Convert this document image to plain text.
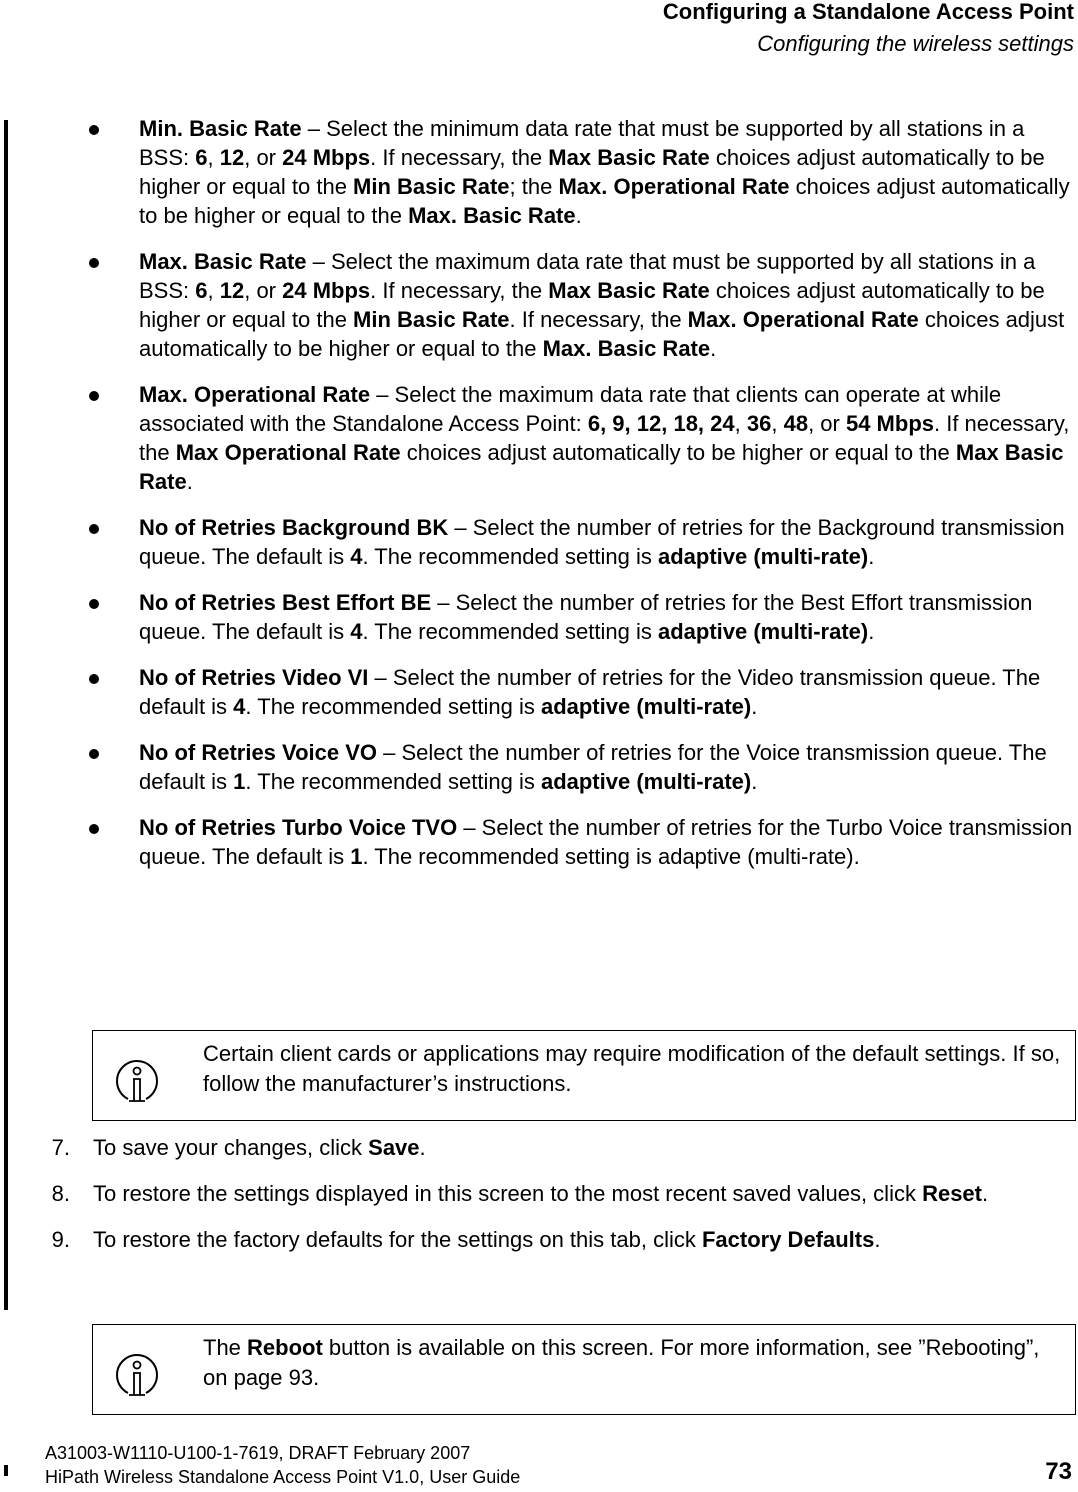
Configuring a Standalone Access Point
Configuring the wireless settings
Min. Basic Rate – Select the minimum data rate that must be supported by all stations in a BSS: 6, 12, or 24 Mbps. If necessary, the Max Basic Rate choices adjust automatically to be higher or equal to the Min Basic Rate; the Max. Operational Rate choices adjust automatically to be higher or equal to the Max. Basic Rate.
Max. Basic Rate – Select the maximum data rate that must be supported by all stations in a BSS: 6, 12, or 24 Mbps. If necessary, the Max Basic Rate choices adjust automatically to be higher or equal to the Min Basic Rate. If necessary, the Max. Operational Rate choices adjust automatically to be higher or equal to the Max. Basic Rate.
Max. Operational Rate – Select the maximum data rate that clients can operate at while associated with the Standalone Access Point: 6, 9, 12, 18, 24, 36, 48, or 54 Mbps. If necessary, the Max Operational Rate choices adjust automatically to be higher or equal to the Max Basic Rate.
No of Retries Background BK – Select the number of retries for the Background transmission queue. The default is 4. The recommended setting is adaptive (multi-rate).
No of Retries Best Effort BE – Select the number of retries for the Best Effort transmission queue. The default is 4. The recommended setting is adaptive (multi-rate).
No of Retries Video VI – Select the number of retries for the Video transmission queue. The default is 4. The recommended setting is adaptive (multi-rate).
No of Retries Voice VO – Select the number of retries for the Voice transmission queue. The default is 1. The recommended setting is adaptive (multi-rate).
No of Retries Turbo Voice TVO – Select the number of retries for the Turbo Voice transmission queue. The default is 1. The recommended setting is adaptive (multi-rate).
Certain client cards or applications may require modification of the default settings. If so, follow the manufacturer’s instructions.
7. To save your changes, click Save.
8. To restore the settings displayed in this screen to the most recent saved values, click Reset.
9. To restore the factory defaults for the settings on this tab, click Factory Defaults.
The Reboot button is available on this screen. For more information, see ”Rebooting”, on page 93.
A31003-W1110-U100-1-7619, DRAFT February 2007
HiPath Wireless Standalone Access Point V1.0, User Guide	73
